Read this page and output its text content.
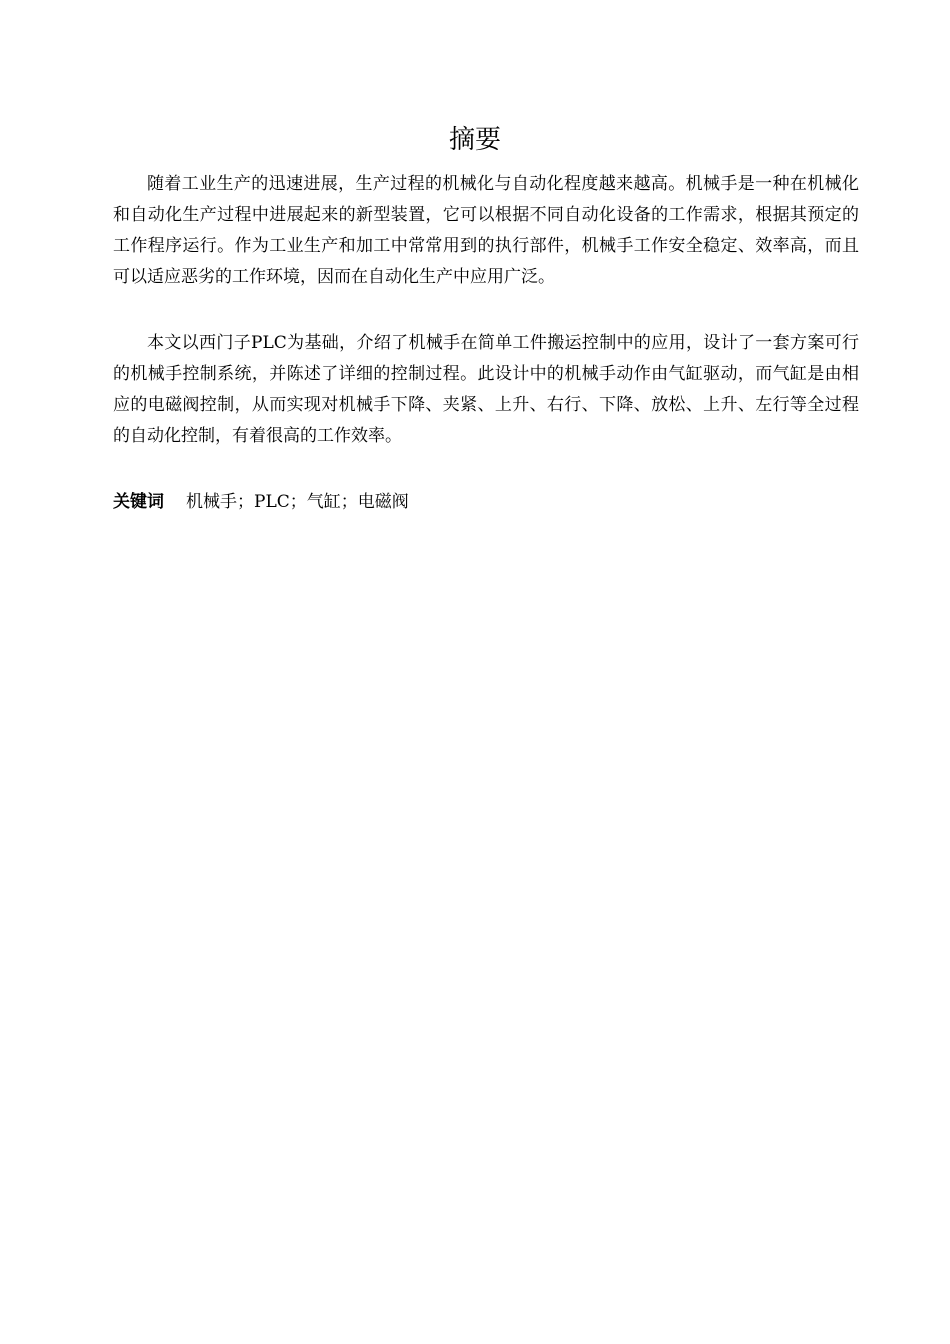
摘要

随着工业生产的迅速进展，生产过程的机械化与自动化程度越来越高。机械手是一种在机械化和自动化生产过程中进展起来的新型装置，它可以根据不同自动化设备的工作需求，根据其预定的工作程序运行。作为工业生产和加工中常常用到的执行部件，机械手工作安全稳定、效率高，而且可以适应恶劣的工作环境，因而在自动化生产中应用广泛。

本文以西门子PLC为基础，介绍了机械手在简单工件搬运控制中的应用，设计了一套方案可行的机械手控制系统，并陈述了详细的控制过程。此设计中的机械手动作由气缸驱动，而气缸是由相应的电磁阀控制，从而实现对机械手下降、夹紧、上升、右行、下降、放松、上升、左行等全过程的自动化控制，有着很高的工作效率。

关键词 机械手；PLC；气缸；电磁阀
